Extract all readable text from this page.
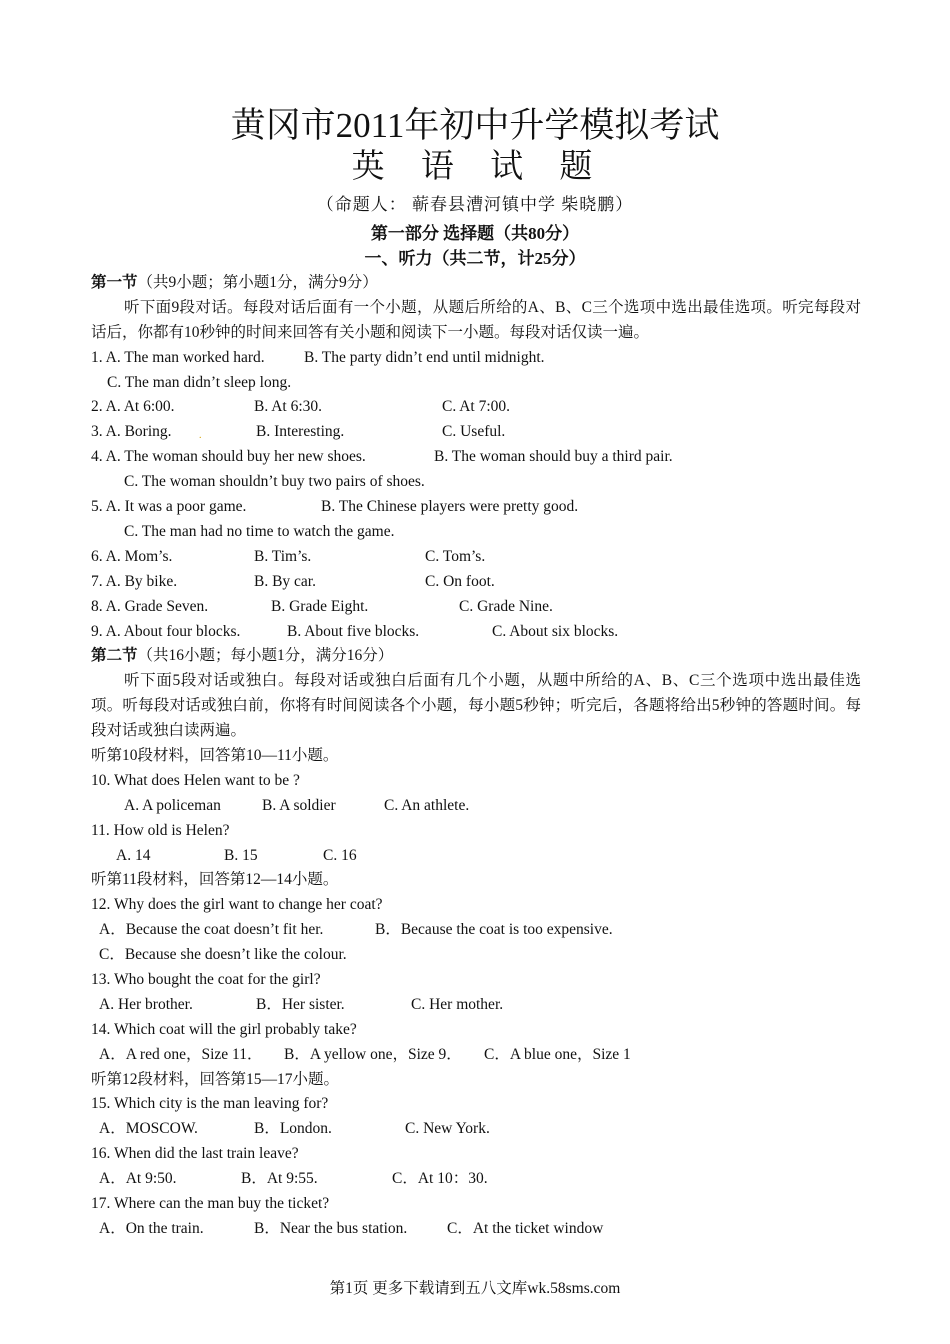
黄冈市2011年初中升学模拟考试
英 语 试 题
（命题人： 蕲春县漕河镇中学 柴晓鹏）
第一部分 选择题（共80分）
一、听力（共二节，计25分）
第一节（共9小题；第小题1分，满分9分）
听下面9段对话。每段对话后面有一个小题，从题后所给的A、B、C三个选项中选出最佳选项。听完每段对话后，你都有10秒钟的时间来回答有关小题和阅读下一小题。每段对话仅读一遍。
1. A. The man worked hard.	B. The party didn’t end until midnight.
C. The man didn’t sleep long.
2. A. At 6:00.	B. At 6:30.	C. At 7:00.
3. A. Boring.	.	B. Interesting.	C. Useful.
4. A. The woman should buy her new shoes.	B. The woman should buy a third pair.
C. The woman shouldn’t buy two pairs of shoes.
5. A. It was a poor game.	B. The Chinese players were pretty good.
C. The man had no time to watch the game.
6. A. Mom’s.	B. Tim’s.	C. Tom’s.
7. A. By bike.	B. By car.	C. On foot.
8. A. Grade Seven.	B. Grade Eight.	C. Grade Nine.
9. A. About four blocks.	B. About five blocks.	C. About six blocks.
第二节（共16小题；每小题1分，满分16分）
听下面5段对话或独白。每段对话或独白后面有几个小题，从题中所给的A、B、C三个选项中选出最佳选项。听每段对话或独白前，你将有时间阅读各个小题，每小题5秒钟；听完后，各题将给出5秒钟的答题时间。每段对话或独白读两遍。
听第10段材料，回答第10—11小题。
10. What does Helen want to be ?
A. A policeman	B. A soldier	C. An athlete.
11. How old is Helen?
A. 14	B. 15	C. 16
听第11段材料，回答第12—14小题。
12. Why does the girl want to change her coat?
A．Because the coat doesn’t fit her.	B．Because the coat is too expensive.
C．Because she doesn’t like the colour.
13. Who bought the coat for the girl?
A. Her brother.	B．Her sister.	C. Her mother.
14. Which coat will the girl probably take?
A．A red one，Size 11． B．A yellow one，Size 9． C．A blue one，Size 1
听第12段材料，回答第15—17小题。
15. Which city is the man leaving for?
A．MOSCOW.	B．London.	C. New York.
16. When did the last train leave?
A．At 9:50.	B．At 9:55.	C．At 10：30.
17. Where can the man buy the ticket?
A．On the train.	B．Near the bus station.	C．At the ticket window
第1页 更多下载请到五八文库wk.58sms.com
